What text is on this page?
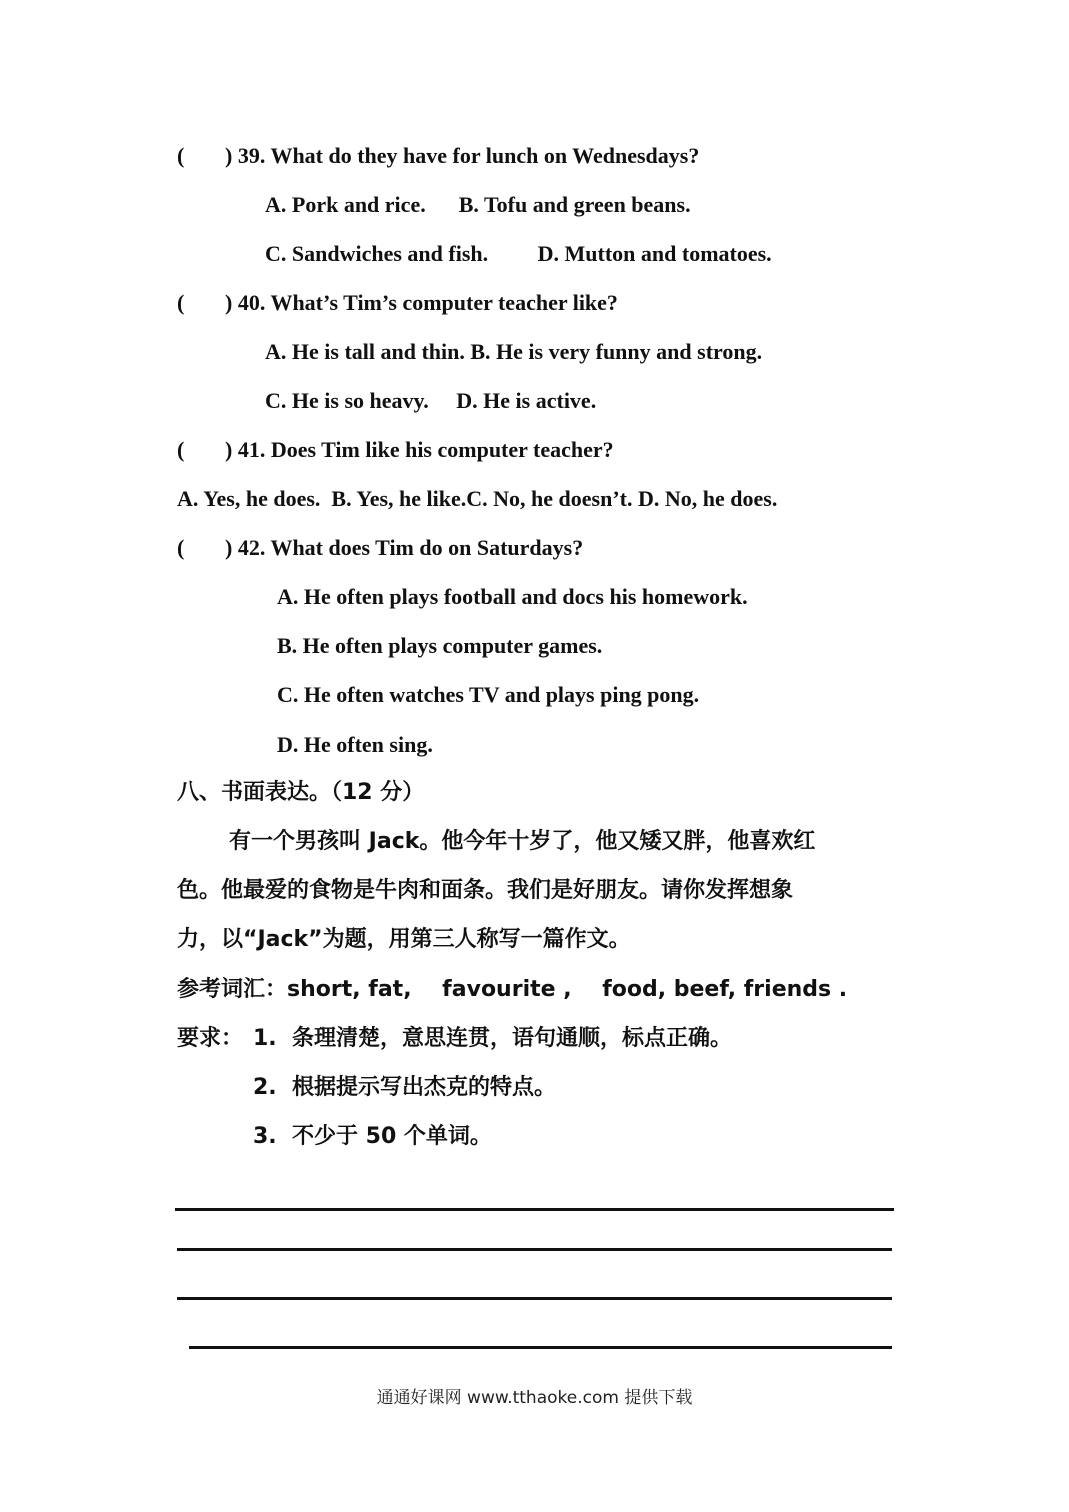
( ) 39. What do they have for lunch on Wednesdays?
A. Pork and rice.      B. Tofu and green beans.
C. Sandwiches and fish.         D. Mutton and tomatoes.
( ) 40. What’s Tim’s computer teacher like?
A. He is tall and thin. B. He is very funny and strong.
C. He is so heavy.     D. He is active.
( ) 41. Does Tim like his computer teacher?
A. Yes, he does.  B. Yes, he like.C. No, he doesn’t. D. No, he does.
( ) 42. What does Tim do on Saturdays?
A. He often plays football and docs his homework.
B. He often plays computer games.
C. He often watches TV and plays ping pong.
D. He often sing.
八、书面表达。（12 分）
有一个男孩叫 Jack。他今年十岁了，他又矮又胖，他喜欢红
色。他最爱的食物是牛肉和面条。我们是好朋友。请你发挥想象
力，以“Jack”为题，用第三人称写一篇作文。
参考词汇：short, fat,    favourite ,    food, beef, friends .
要求： 1.  条理清楚，意思连贯，语句通顺，标点正确。
2.  根据提示写出杰克的特点。
3.  不少于 50 个单词。
通通好课网 www.tthaoke.com 提供下载
